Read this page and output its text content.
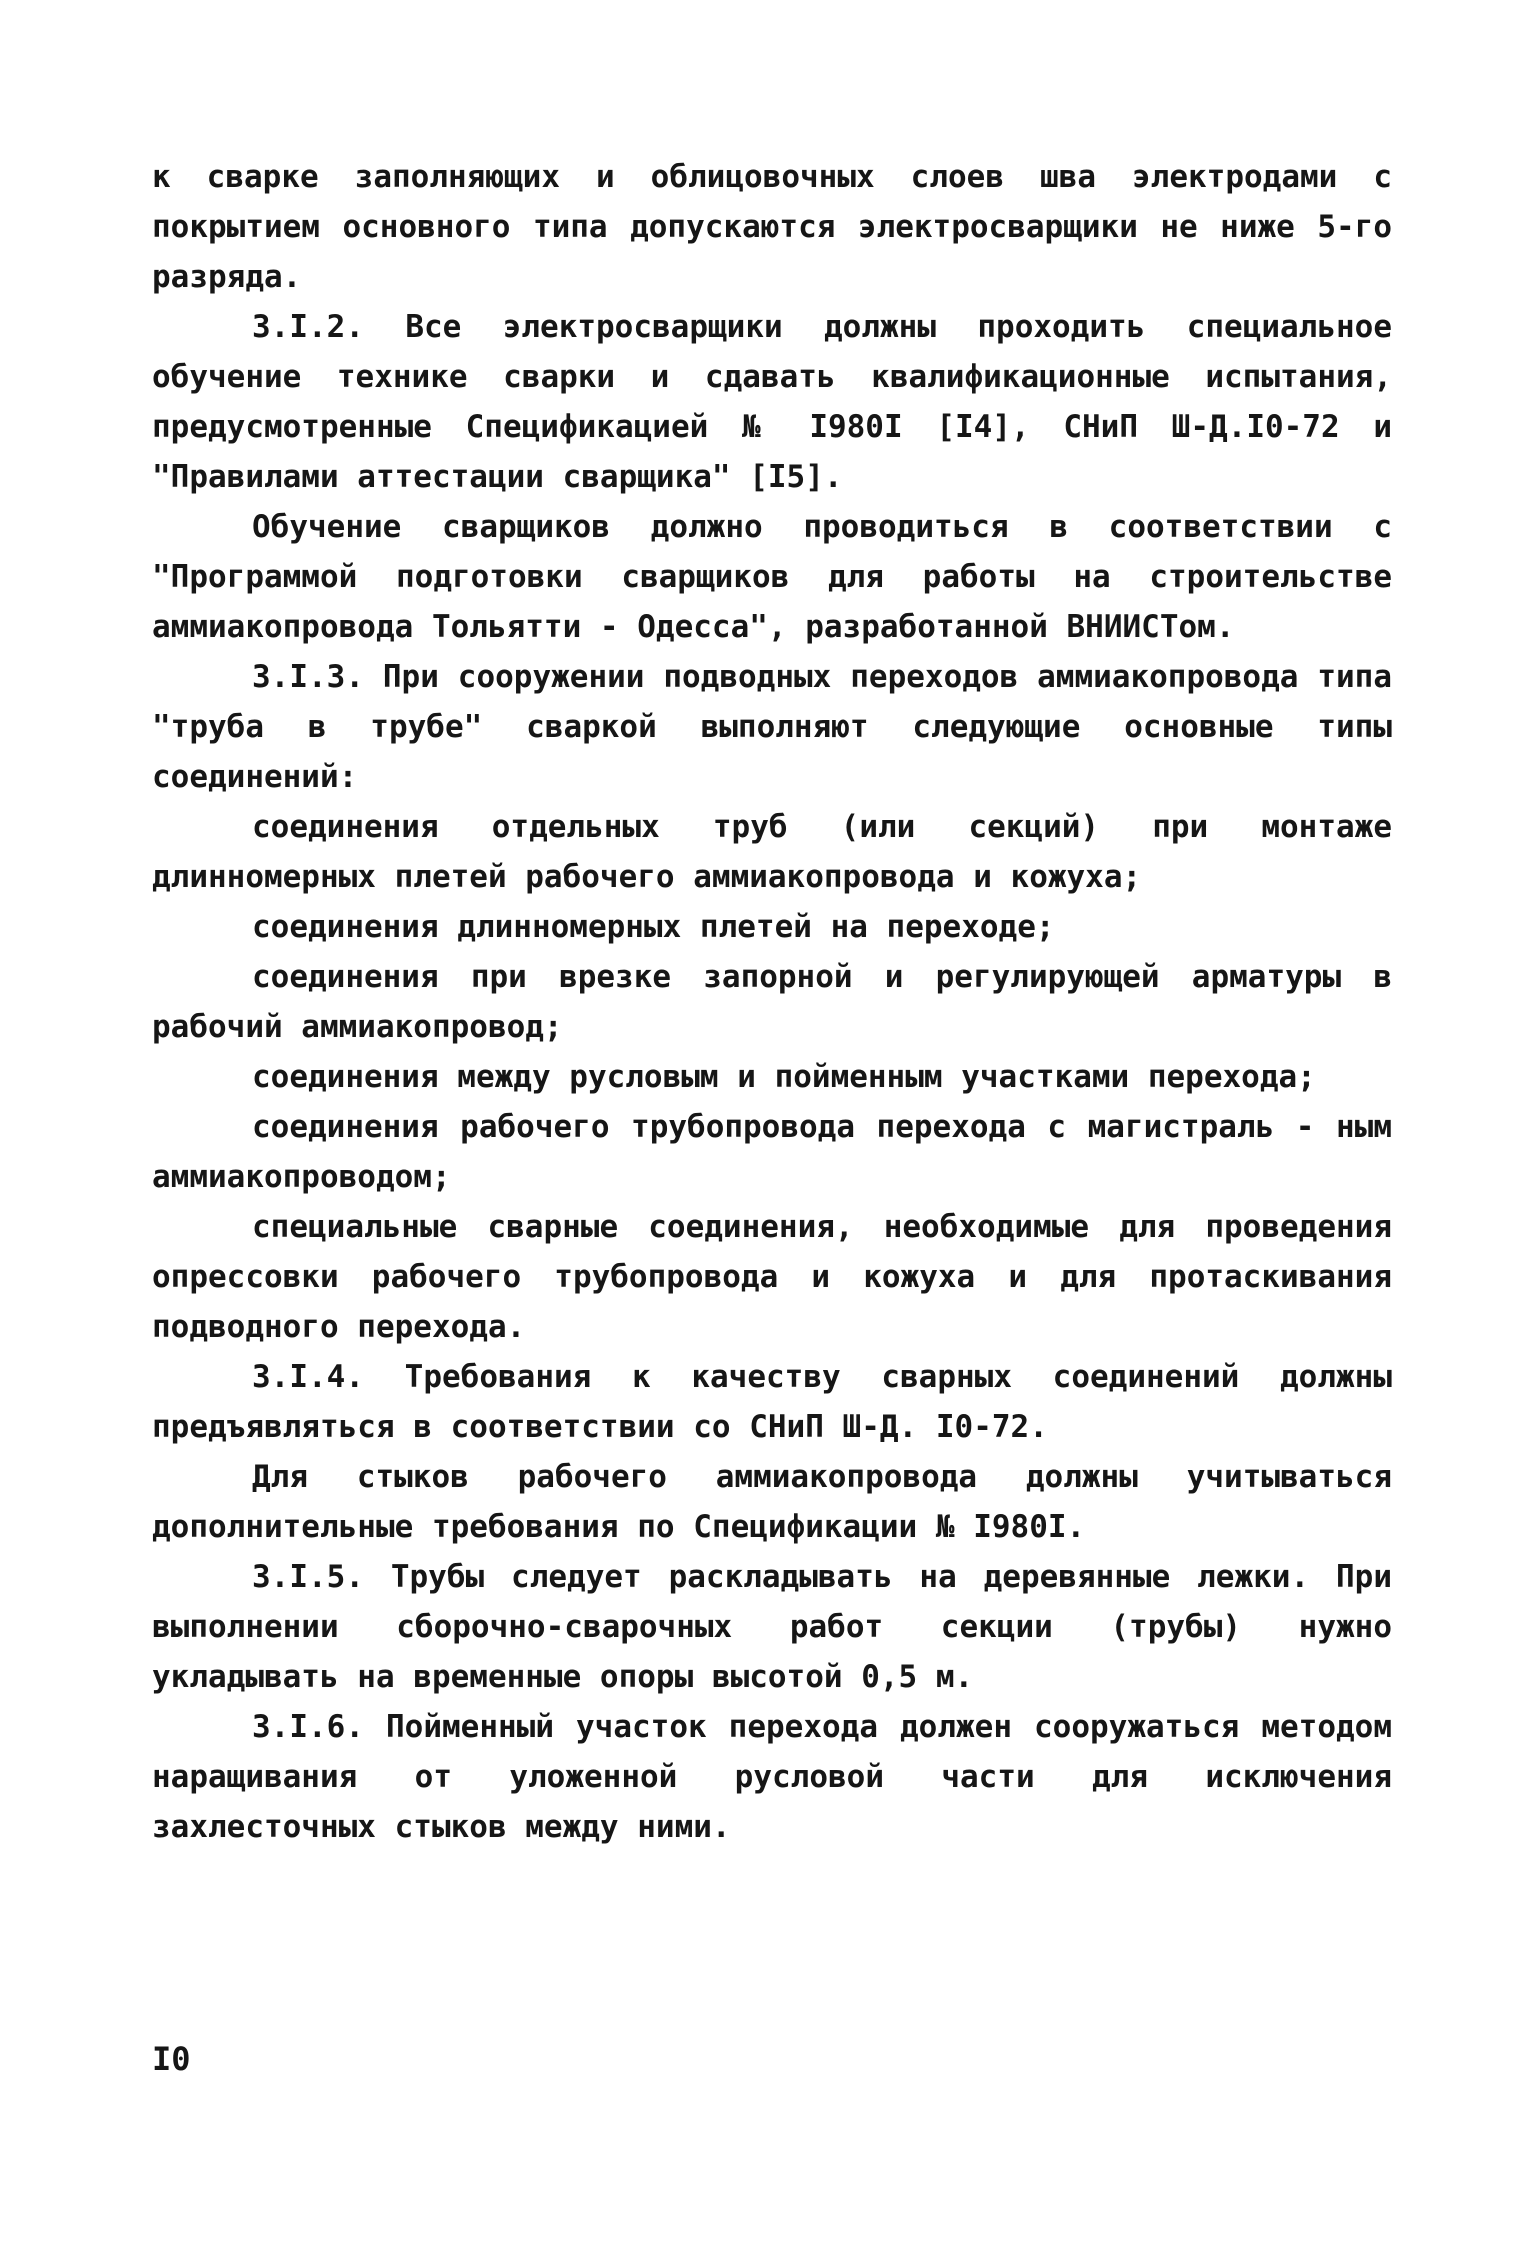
к сварке заполняющих и облицовочных слоев шва электродами с покрытием основного типа допускаются электросварщики не ниже 5-го разряда.

3.I.2. Все электросварщики должны проходить специальное обучение технике сварки и сдавать квалификационные испытания, предусмотренные Спецификацией № I980I [I4], СНиП Ш-Д.I0-72 и "Правилами аттестации сварщика" [I5].

Обучение сварщиков должно проводиться в соответствии с "Программой подготовки сварщиков для работы на строительстве аммиакопровода Тольятти - Одесса", разработанной ВНИИСТом.

3.I.3. При сооружении подводных переходов аммиакопровода типа "труба в трубе" сваркой выполняют следующие основные типы соединений:

соединения отдельных труб (или секций) при монтаже длинномерных плетей рабочего аммиакопровода и кожуха;

соединения длинномерных плетей на переходе;

соединения при врезке запорной и регулирующей арматуры в рабочий аммиакопровод;

соединения между русловым и пойменным участками перехода;

соединения рабочего трубопровода перехода с магистраль - ным аммиакопроводом;

специальные сварные соединения, необходимые для проведения опрессовки рабочего трубопровода и кожуха и для протаскивания подводного перехода.

3.I.4. Требования к качеству сварных соединений должны предъявляться в соответствии со СНиП Ш-Д. I0-72.

Для стыков рабочего аммиакопровода должны учитываться дополнительные требования по Спецификации № I980I.

3.I.5. Трубы следует раскладывать на деревянные лежки. При выполнении сборочно-сварочных работ секции (трубы) нужно укладывать на временные опоры высотой 0,5 м.

3.I.6. Пойменный участок перехода должен сооружаться методом наращивания от уложенной русловой части для исключения захлесточных стыков между ними.

I0
